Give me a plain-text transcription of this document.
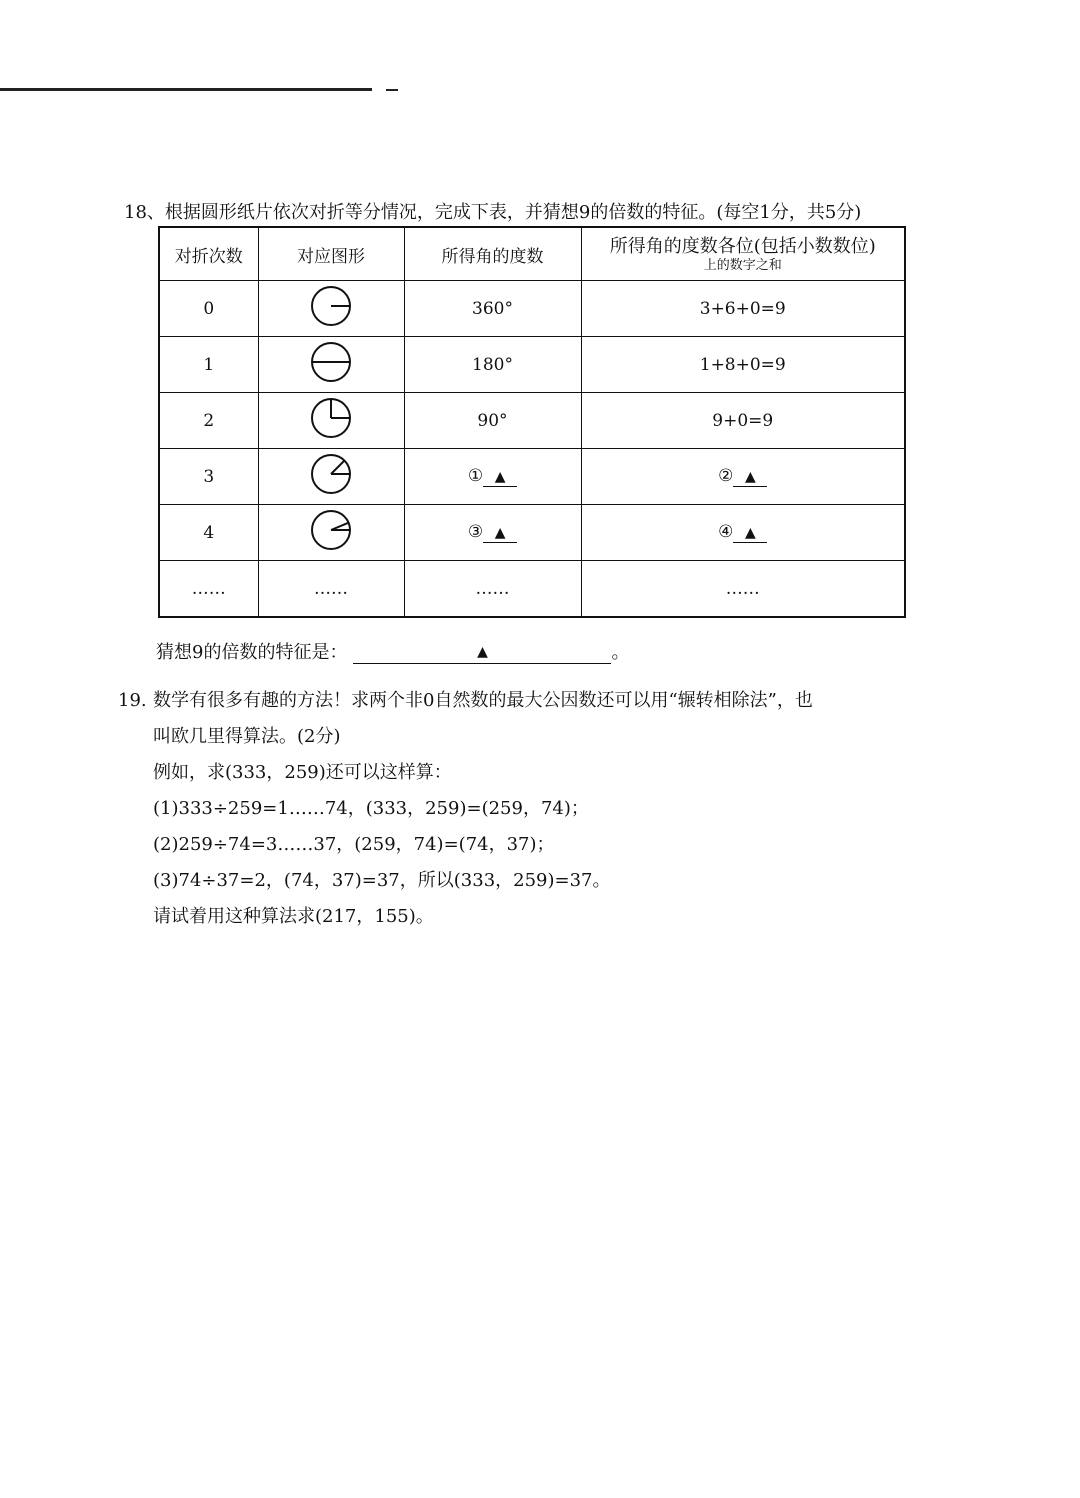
18、根据圆形纸片依次对折等分情况，完成下表，并猜想9的倍数的特征。(每空1分，共5分)
对折次数	对应图形	所得角的度数	所得角的度数各位(包括小数数位)
上的数字之和

0		360°	3+6+0=9
1		180°	1+8+0=9
2		90°	9+0=9
3		① ▲	② ▲
4		③ ▲	④ ▲
……	……	……	……
猜想9的倍数的特征是：	▲	。

19. 数学有很多有趣的方法！求两个非0自然数的最大公因数还可以用“辗转相除法”，也

叫欧几里得算法。(2分)

例如，求(333，259)还可以这样算：

(1)333÷259=1……74，(333，259)=(259，74)；

(2)259÷74=3……37，(259，74)=(74，37)；

(3)74÷37=2，(74，37)=37，所以(333，259)=37。

请试着用这种算法求(217，155)。
